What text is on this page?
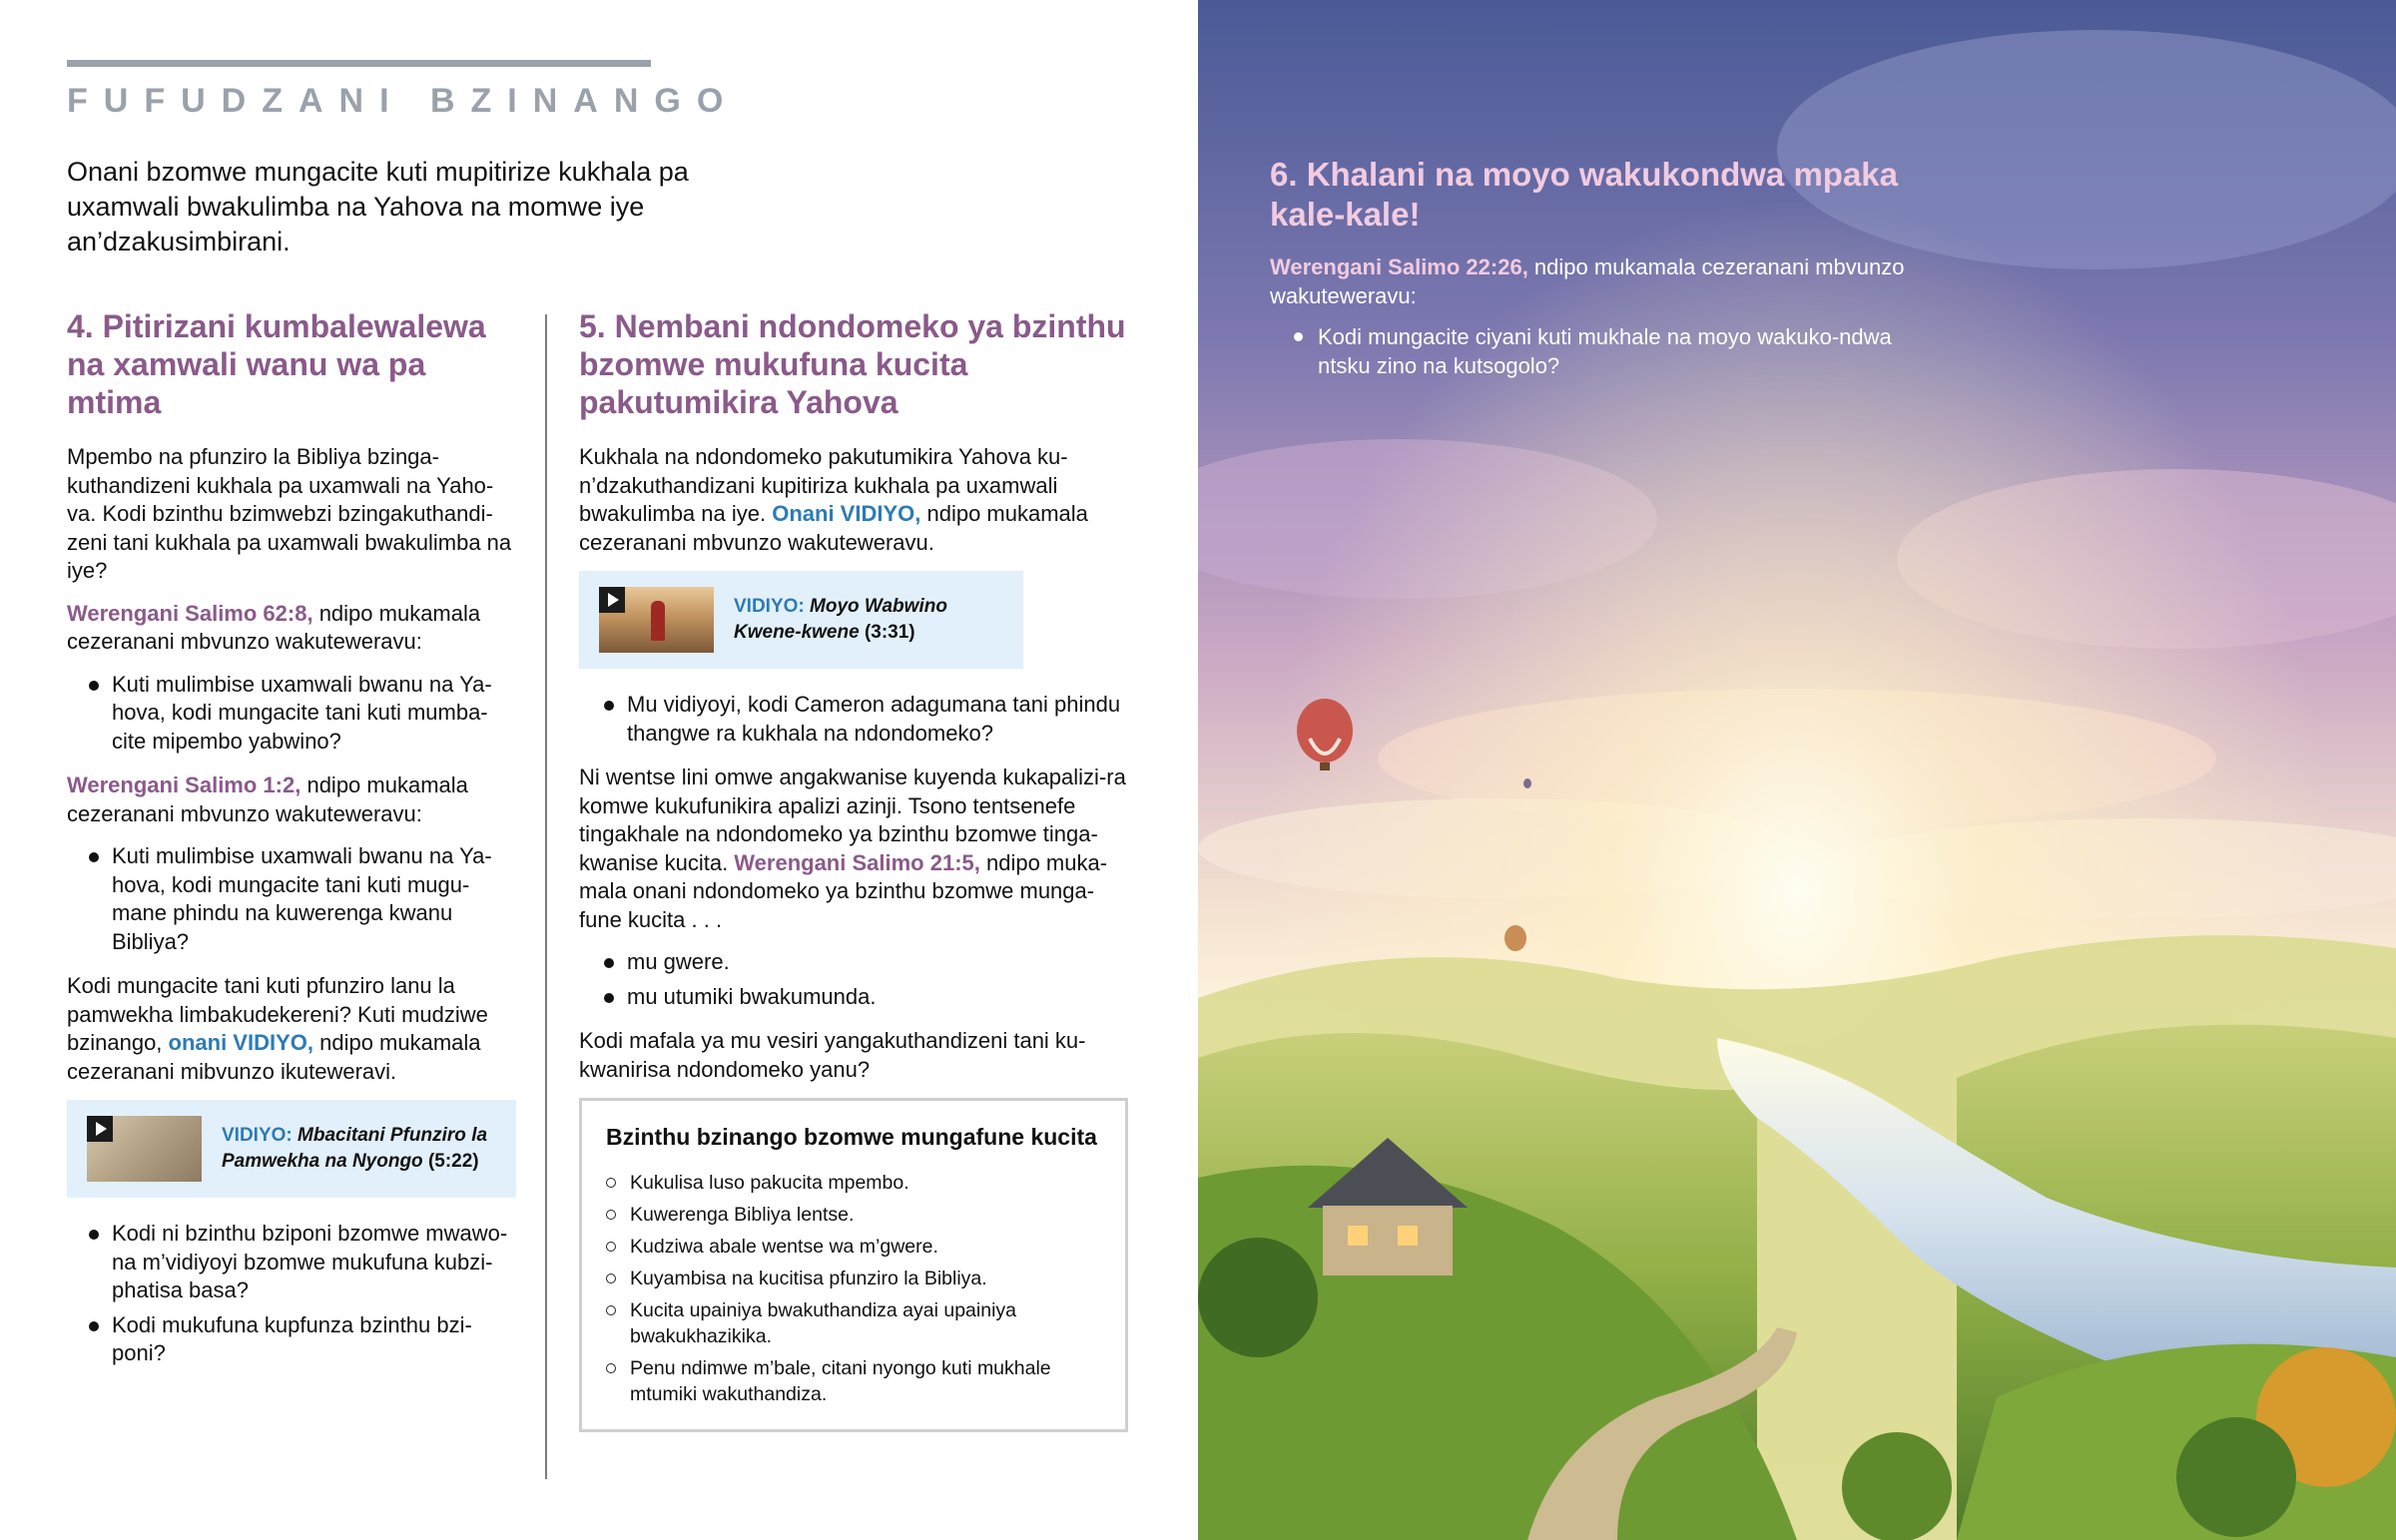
FUFUDZANI BZINANGO
Onani bzomwe mungacite kuti mupitirize kukhala pa uxamwali bwakulimba na Yahova na momwe iye an’dzakusimbirani.
4. Pitirizani kumbalewalewa na xamwali wanu wa pa mtima

Mpembo na pfunziro la Bibliya bzinga-kuthandizeni kukhala pa uxamwali na Yaho-va. Kodi bzinthu bzimwebzi bzingakuthandi-zeni tani kukhala pa uxamwali bwakulimba na iye?

Werengani Salimo 62:8, ndipo mukamala cezeranani mbvunzo wakuteweravu:

Kuti mulimbise uxamwali bwanu na Ya-hova, kodi mungacite tani kuti mumba-cite mipembo yabwino?

Werengani Salimo 1:2, ndipo mukamala cezeranani mbvunzo wakuteweravu:

Kuti mulimbise uxamwali bwanu na Ya-hova, kodi mungacite tani kuti mugu-mane phindu na kuwerenga kwanu Bibliya?

Kodi mungacite tani kuti pfunziro lanu la pamwekha limbakudekereni? Kuti mudziwe bzinango, onani VIDIYO, ndipo mukamala cezeranani mibvunzo ikuteweravi.

VIDIYO: Mbacitani Pfunziro la Pamwekha na Nyongo (5:22)
Kodi ni bzinthu bziponi bzomwe mwawo-na m’vidiyoyi bzomwe mukufuna kubzi-phatisa basa?
Kodi mukufuna kupfunza bzinthu bzi-poni?
5. Nembani ndondomeko ya bzinthu bzomwe mukufuna kucita pakutumikira Yahova

Kukhala na ndondomeko pakutumikira Yahova ku-n’dzakuthandizani kupitiriza kukhala pa uxamwali bwakulimba na iye. Onani VIDIYO, ndipo mukamala cezeranani mbvunzo wakuteweravu.

VIDIYO: Moyo Wabwino Kwene-kwene (3:31)
Mu vidiyoyi, kodi Cameron adagumana tani phindu thangwe ra kukhala na ndondomeko?

Ni wentse lini omwe angakwanise kuyenda kukapalizi-ra komwe kukufunikira apalizi azinji. Tsono tentsenefe tingakhale na ndondomeko ya bzinthu bzomwe tinga-kwanise kucita. Werengani Salimo 21:5, ndipo muka-mala onani ndondomeko ya bzinthu bzomwe munga-fune kucita . . .

mu gwere.
mu utumiki bwakumunda.

Kodi mafala ya mu vesiri yangakuthandizeni tani ku-kwanirisa ndondomeko yanu?

Bzinthu bzinango bzomwe mungafune kucita
Kukulisa luso pakucita mpembo.
Kuwerenga Bibliya lentse.
Kudziwa abale wentse wa m’gwere.
Kuyambisa na kucitisa pfunziro la Bibliya.
Kucita upainiya bwakuthandiza ayai upainiya bwakukhazikika.
Penu ndimwe m’bale, citani nyongo kuti mukhale mtumiki wakuthandiza.
6. Khalani na moyo wakukondwa mpaka kale-kale!
Werengani Salimo 22:26, ndipo mukamala cezeranani mbvunzo wakuteweravu:
Kodi mungacite ciyani kuti mukhale na moyo wakuko-ndwa ntsku zino na kutsogolo?
